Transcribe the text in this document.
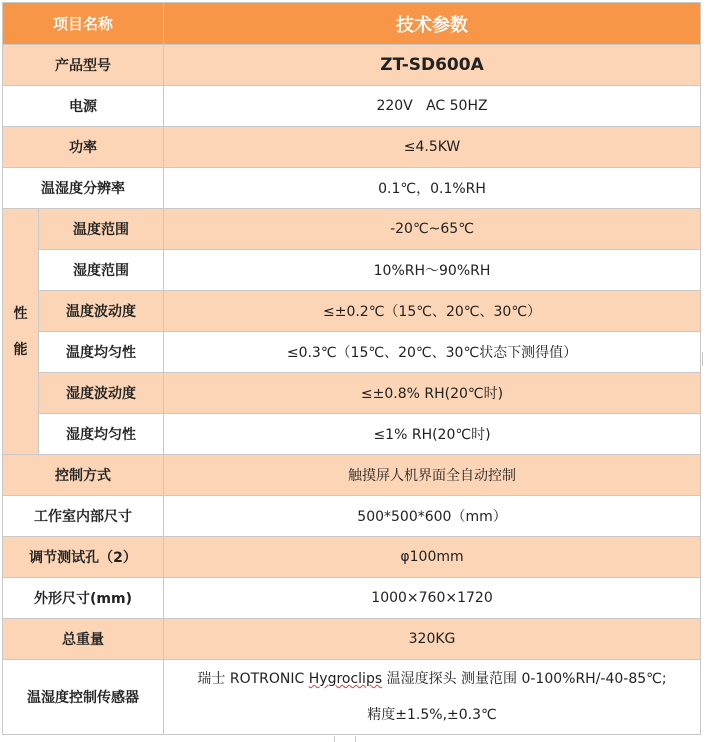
项目名称		技术参数
产品型号		ZT-SD600A
电源		220V   AC 50HZ
功率		≤4.5KW
温湿度分辨率		0.1℃，0.1%RH

性
能	温度范围	-20℃~65℃
	湿度范围	10%RH～90%RH
	温度波动度	≤±0.2℃（15℃、20℃、30℃）
	温度均匀性	≤0.3℃（15℃、20℃、30℃状态下测得值）
	湿度波动度	≤±0.8% RH(20℃时)
	湿度均匀性	≤1% RH(20℃时)
控制方式		触摸屏人机界面全自动控制
工作室内部尺寸		500*500*600（mm）
调节测试孔（2）		φ100mm
外形尺寸(mm)		1000×760×1720
总重量		320KG
温湿度控制传感器		瑞士 ROTRONIC Hygroclips 温湿度探头 测量范围 0-100%RH/-40-85℃;
精度±1.5%,±0.3℃
